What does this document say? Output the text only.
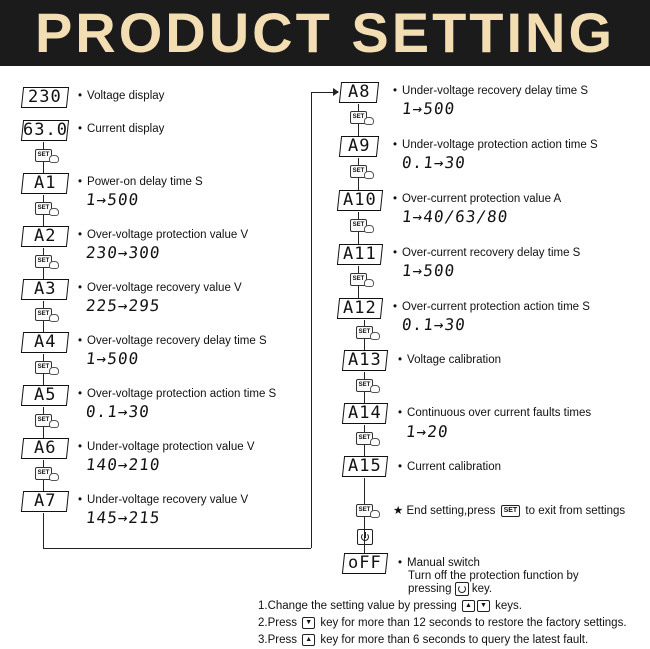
PRODUCT SETTING
230	• Voltage display
63.0	• Current display
SET
A1	• Power-on delay time S
1→500
SET
A2	• Over-voltage protection value V
230→300
SET
A3	• Over-voltage recovery value V
225→295
SET
A4	• Over-voltage recovery delay time S
1→500
SET
A5	• Over-voltage protection action time S
0.1→30
SET
A6	• Under-voltage protection value V
140→210
SET
A7	• Under-voltage recovery value V
145→215
A8	• Under-voltage recovery delay time S
1→500
SET
A9	• Under-voltage protection action time S
0.1→30
SET
A10	• Over-current protection value A
1→40/63/80
SET
A11	• Over-current recovery delay time S
1→500
SET
A12	• Over-current protection action time S
0.1→30
SET
A13	• Voltage calibration
SET
A14	• Continuous over current faults times
1→20
SET
A15	• Current calibration
SET ★ End setting,press SET to exit from settings
oFF	• Manual switch
Turn off the protection function by
pressing key.
1.Change the setting value by pressing ▲ ▼ keys.
2.Press ▼ key for more than 12 seconds to restore the factory settings.
3.Press ▲ key for more than 6 seconds to query the latest fault.
